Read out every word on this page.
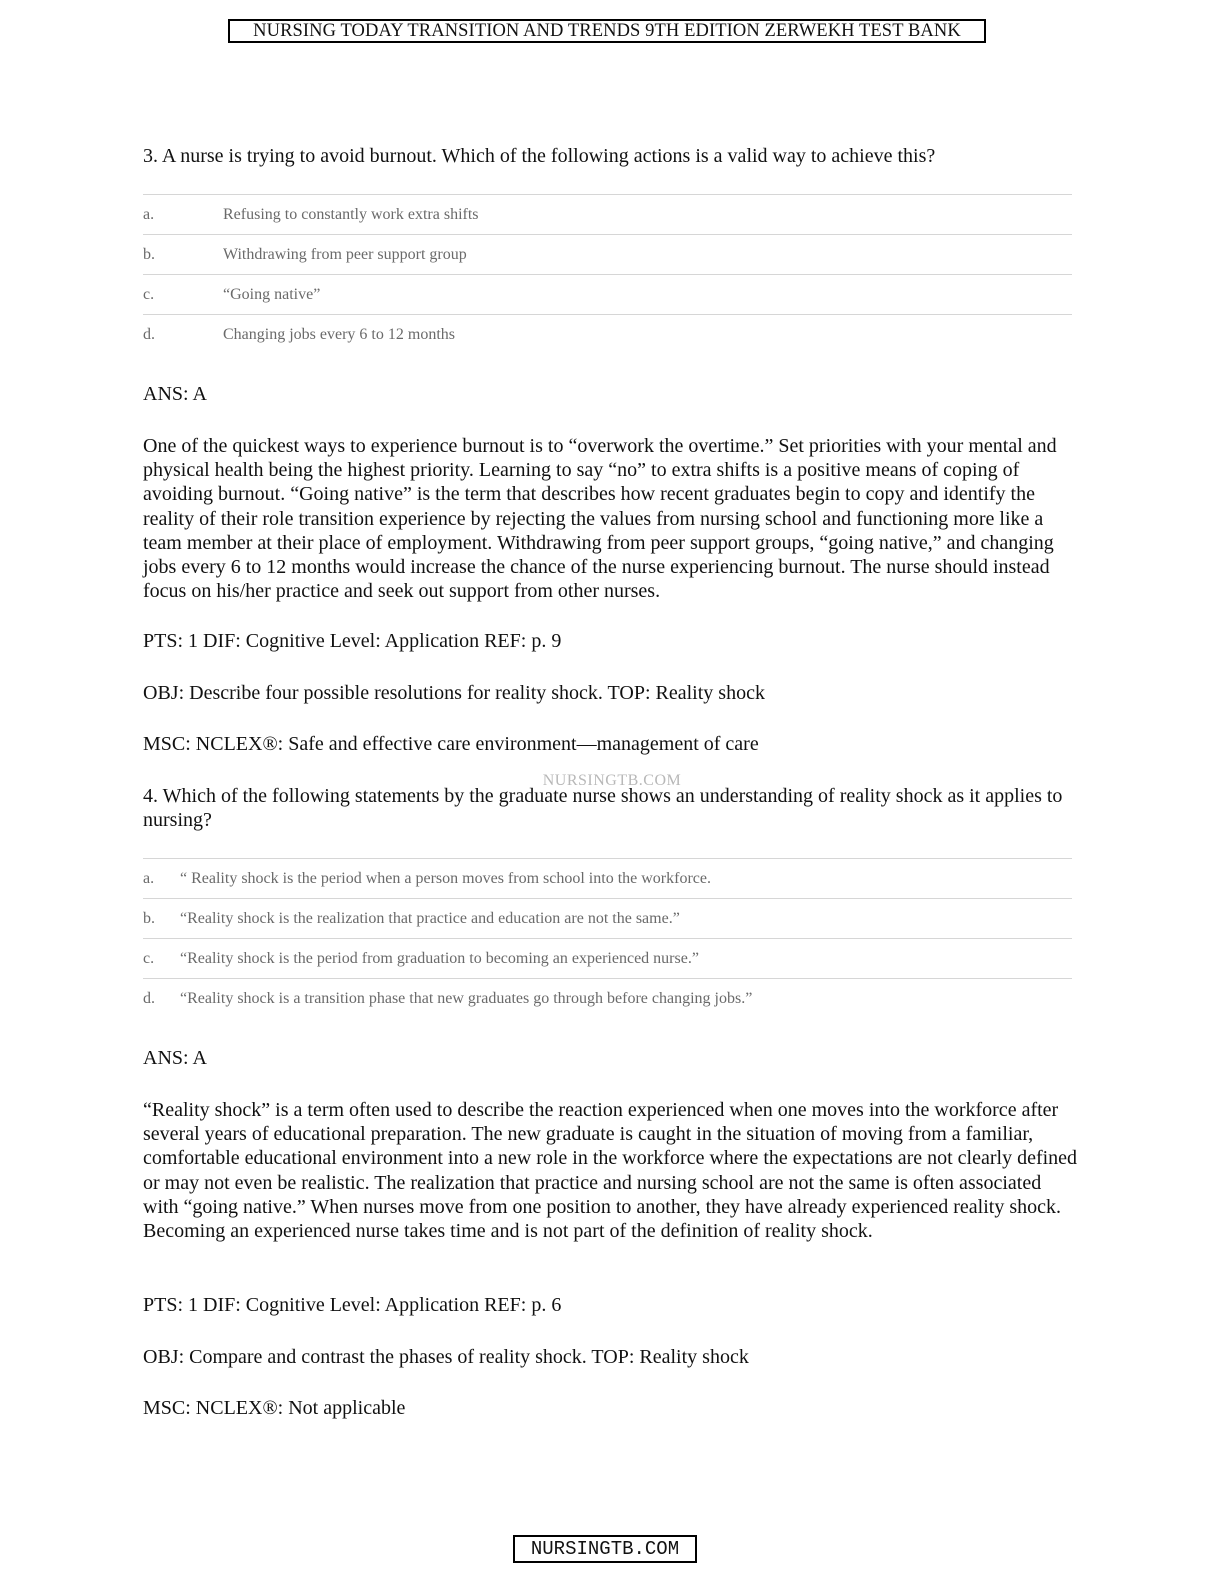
NURSING TODAY TRANSITION AND TRENDS 9TH EDITION ZERWEKH TEST BANK
3. A nurse is trying to avoid burnout. Which of the following actions is a valid way to achieve this?
a.	Refusing to constantly work extra shifts
b.	Withdrawing from peer support group
c.	“Going native”
d.	Changing jobs every 6 to 12 months
ANS: A
One of the quickest ways to experience burnout is to “overwork the overtime.” Set priorities with your mental and physical health being the highest priority. Learning to say “no” to extra shifts is a positive means of coping of avoiding burnout. “Going native” is the term that describes how recent graduates begin to copy and identify the reality of their role transition experience by rejecting the values from nursing school and functioning more like a team member at their place of employment. Withdrawing from peer support groups, “going native,” and changing jobs every 6 to 12 months would increase the chance of the nurse experiencing burnout. The nurse should instead focus on his/her practice and seek out support from other nurses.
PTS: 1 DIF: Cognitive Level: Application REF: p. 9
OBJ: Describe four possible resolutions for reality shock. TOP: Reality shock
MSC: NCLEX®: Safe and effective care environment—management of care
NURSINGTB.COM
4. Which of the following statements by the graduate nurse shows an understanding of reality shock as it applies to nursing?
a.	“ Reality shock is the period when a person moves from school into the workforce.
b.	“Reality shock is the realization that practice and education are not the same.”
c.	“Reality shock is the period from graduation to becoming an experienced nurse.”
d.	“Reality shock is a transition phase that new graduates go through before changing jobs.”
ANS: A
“Reality shock” is a term often used to describe the reaction experienced when one moves into the workforce after several years of educational preparation. The new graduate is caught in the situation of moving from a familiar, comfortable educational environment into a new role in the workforce where the expectations are not clearly defined or may not even be realistic. The realization that practice and nursing school are not the same is often associated with “going native.” When nurses move from one position to another, they have already experienced reality shock. Becoming an experienced nurse takes time and is not part of the definition of reality shock.
PTS: 1 DIF: Cognitive Level: Application REF: p. 6
OBJ: Compare and contrast the phases of reality shock. TOP: Reality shock
MSC: NCLEX®: Not applicable
NURSINGTB.COM
